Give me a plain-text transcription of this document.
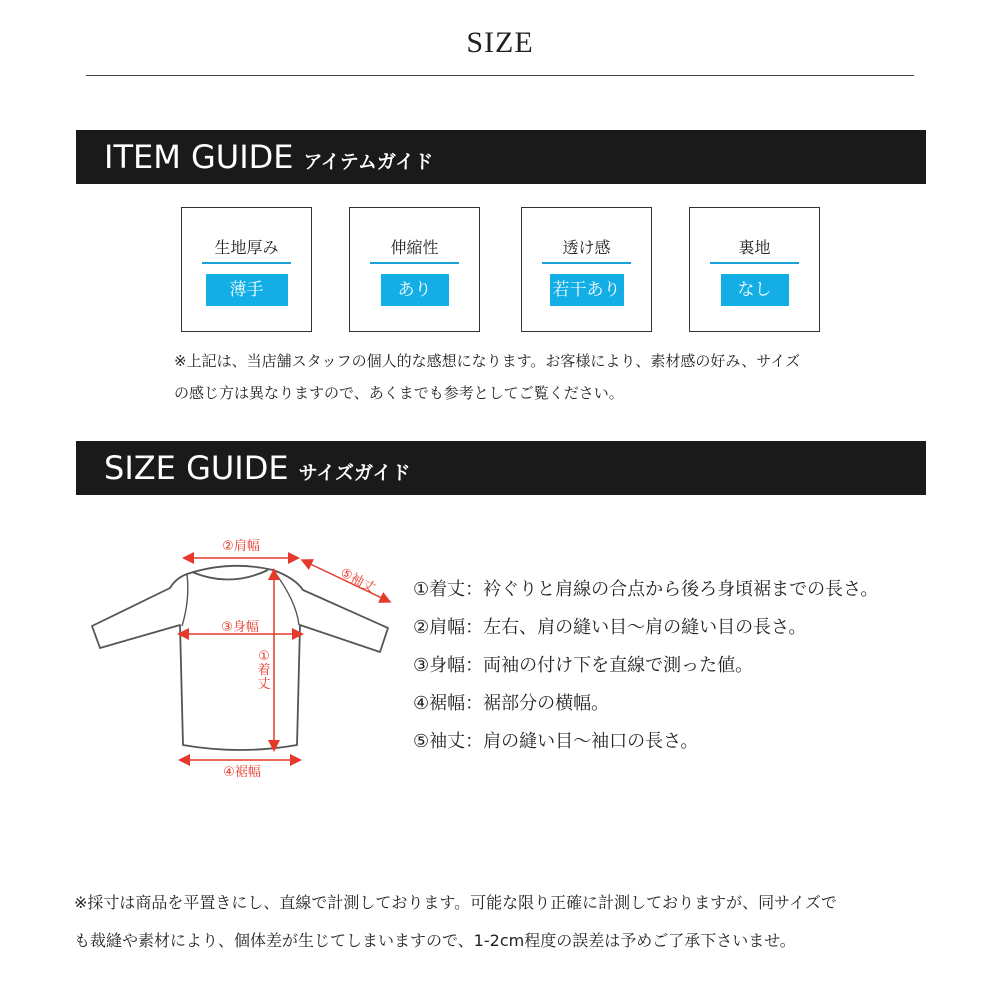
SIZE
ITEM GUIDE アイテムガイド
生地厚み
薄手
伸縮性
あり
透け感
若干あり
裏地
なし
※上記は、当店舗スタッフの個人的な感想になります。お客様により、素材感の好み、サイズ
の感じ方は異なりますので、あくまでも参考としてご覧ください。
SIZE GUIDE サイズガイド
②肩幅
⑤袖丈
③身幅
①
着
丈
④裾幅
①着丈：衿ぐりと肩線の合点から後ろ身頃裾までの長さ。
②肩幅：左右、肩の縫い目〜肩の縫い目の長さ。
③身幅：両袖の付け下を直線で測った値。
④裾幅：裾部分の横幅。
⑤袖丈：肩の縫い目〜袖口の長さ。
※採寸は商品を平置きにし、直線で計測しております。可能な限り正確に計測しておりますが、同サイズで
も裁縫や素材により、個体差が生じてしまいますので、1-2cm程度の誤差は予めご了承下さいませ。
